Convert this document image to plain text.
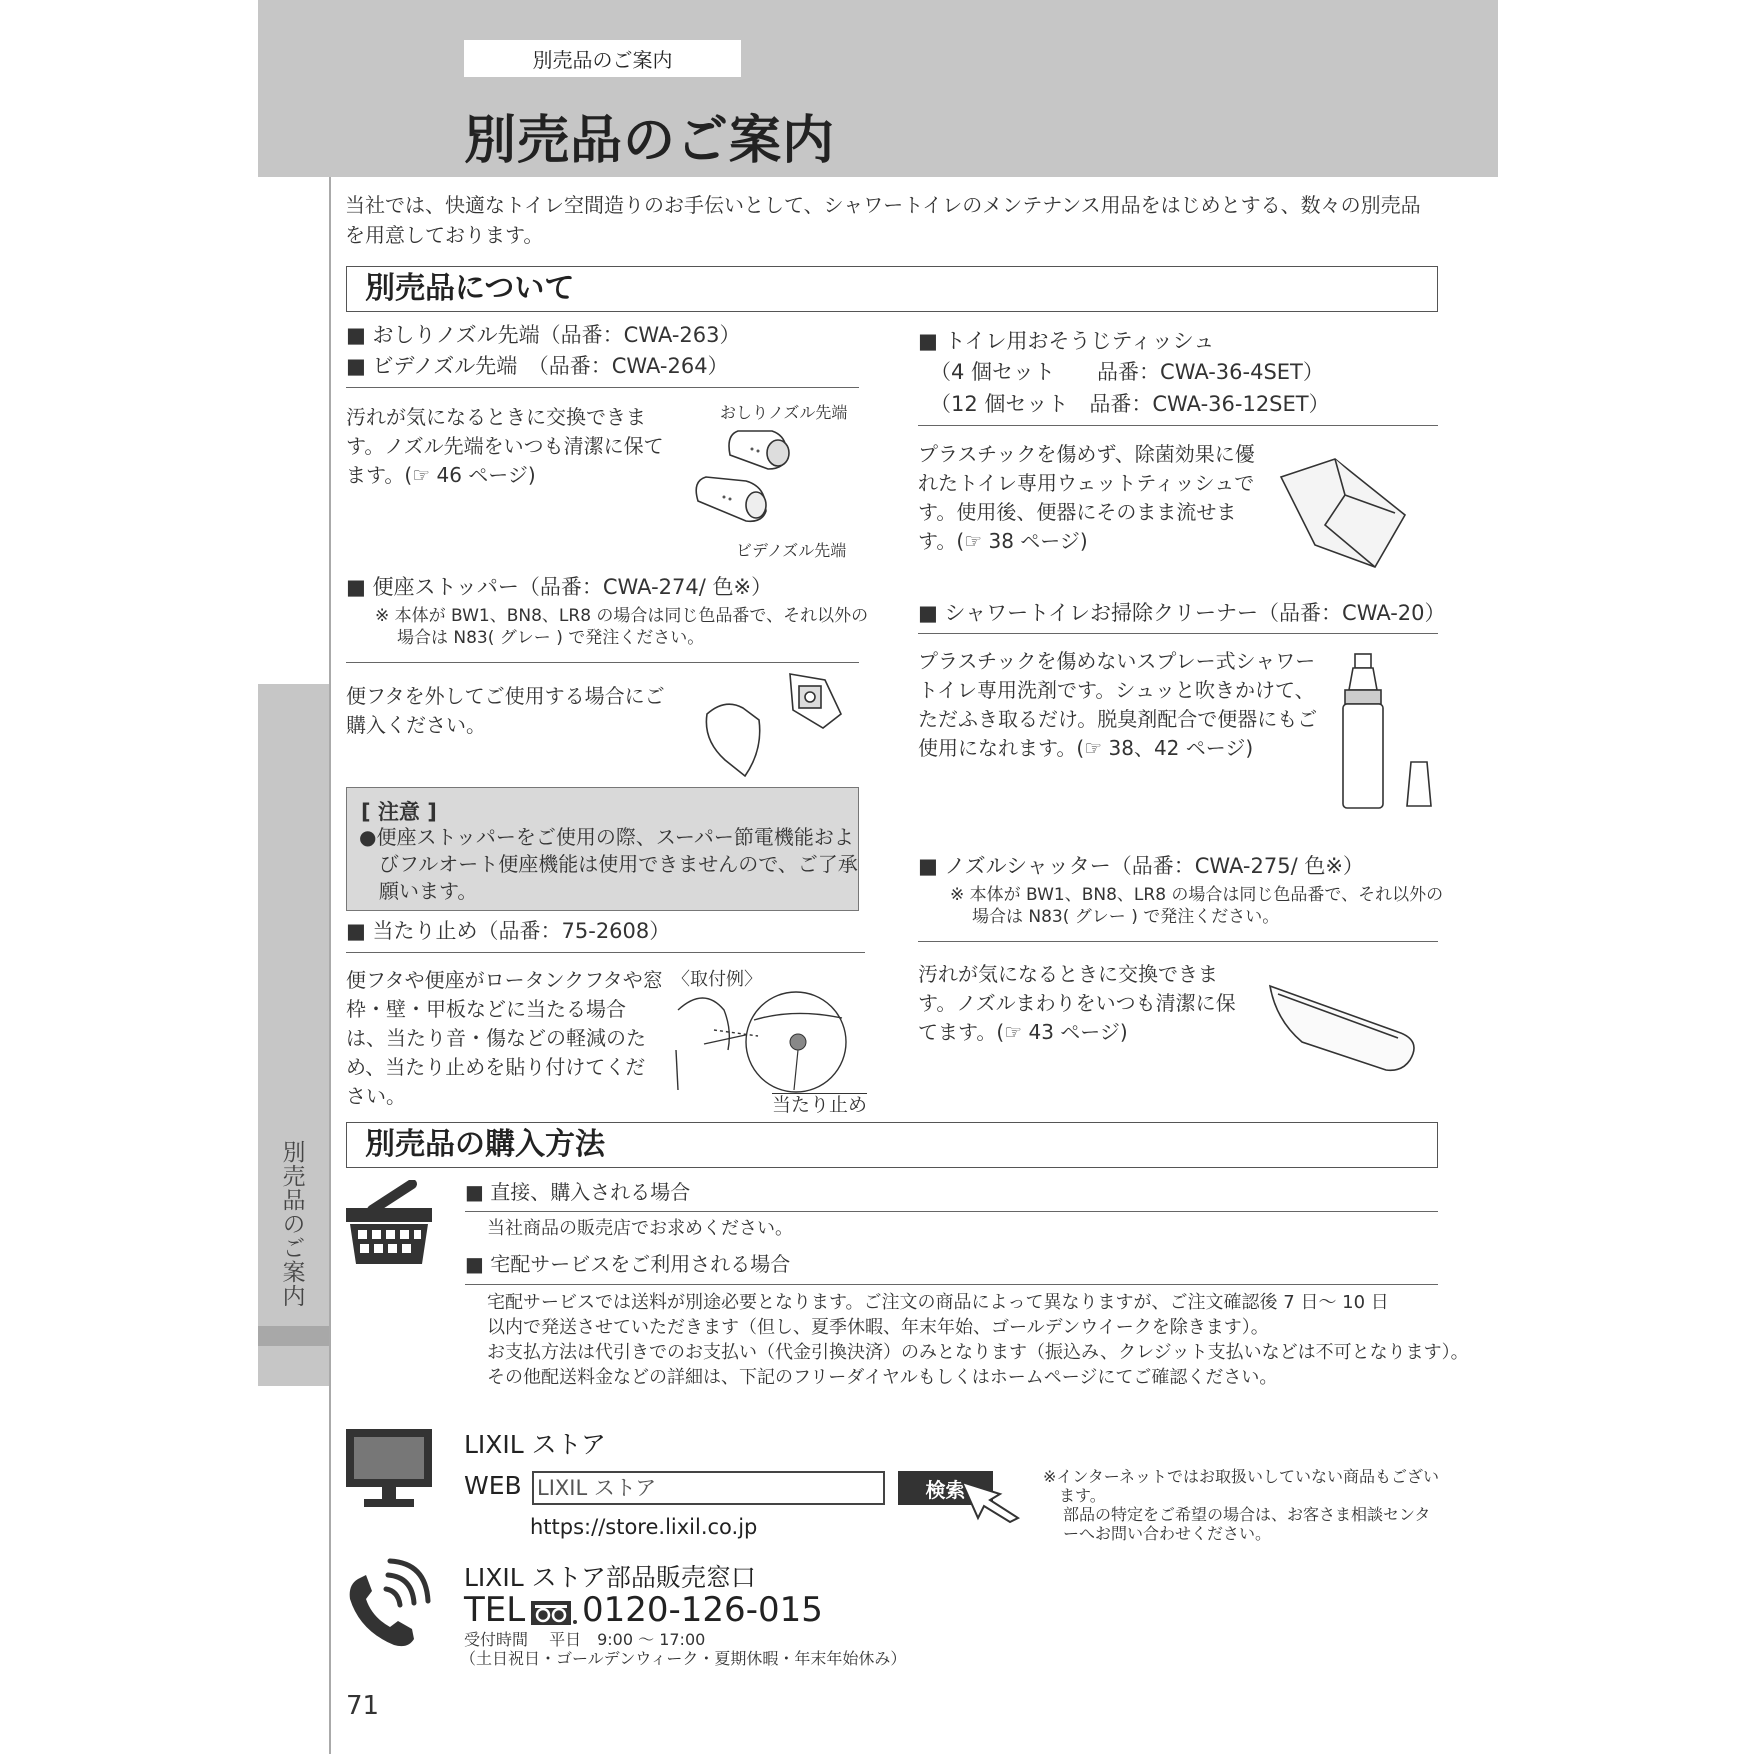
別売品のご案内
別売品のご案内
別売品のご案内
当社では、快適なトイレ空間造りのお手伝いとして、シャワートイレのメンテナンス用品をはじめとする、数々の別売品を用意しております。
別売品について
■ おしりノズル先端（品番：CWA-263）
■ ビデノズル先端　（品番：CWA-264）
汚れが気になるときに交換できます。ノズル先端をいつも清潔に保てます。(☞ 46 ページ)
おしりノズル先端
ビデノズル先端
■ 便座ストッパー（品番：CWA-274/ 色※）
※ 本体が BW1、BN8、LR8 の場合は同じ色品番で、それ以外の場合は N83( グレー ) で発注ください。
便フタを外してご使用する場合にご購入ください。
[ 注意 ]
●便座ストッパーをご使用の際、スーパー節電機能およびフルオート便座機能は使用できませんので、ご了承願います。
■ 当たり止め（品番：75-2608）
便フタや便座がロータンクフタや窓枠・壁・甲板などに当たる場合は、当たり音・傷などの軽減のため、当たり止めを貼り付けてください。
〈取付例〉
当たり止め
■ トイレ用おそうじティッシュ
（4 個セット　　品番：CWA-36-4SET）
（12 個セット　品番：CWA-36-12SET）
プラスチックを傷めず、除菌効果に優れたトイレ専用ウェットティッシュです。使用後、便器にそのまま流せます。(☞ 38 ページ)
■ シャワートイレお掃除クリーナー（品番：CWA-20）
プラスチックを傷めないスプレー式シャワートイレ専用洗剤です。シュッと吹きかけて、ただふき取るだけ。脱臭剤配合で便器にもご使用になれます。(☞ 38、42 ページ)
■ ノズルシャッター（品番：CWA-275/ 色※）
※ 本体が BW1、BN8、LR8 の場合は同じ色品番で、それ以外の場合は N83( グレー ) で発注ください。
汚れが気になるときに交換できます。ノズルまわりをいつも清潔に保てます。(☞ 43 ページ)
別売品の購入方法
■ 直接、購入される場合
当社商品の販売店でお求めください。
■ 宅配サービスをご利用される場合
宅配サービスでは送料が別途必要となります。ご注文の商品によって異なりますが、ご注文確認後 7 日～ 10 日
以内で発送させていただきます（但し、夏季休暇、年末年始、ゴールデンウイークを除きます）。
お支払方法は代引きでのお支払い（代金引換決済）のみとなります（振込み、クレジット支払いなどは不可となります）。
その他配送料金などの詳細は、下記のフリーダイヤルもしくはホームページにてご確認ください。
LIXIL ストア
WEB LIXIL ストア	検索
https://store.lixil.co.jp
※インターネットではお取扱いしていない商品もございます。
部品の特定をご希望の場合は、お客さま相談センターへお問い合わせください。
LIXIL ストア部品販売窓口
TEL 0120-126-015
受付時間　 平日　9:00 ～ 17:00
（土日祝日・ゴールデンウィーク・夏期休暇・年末年始休み）
71
